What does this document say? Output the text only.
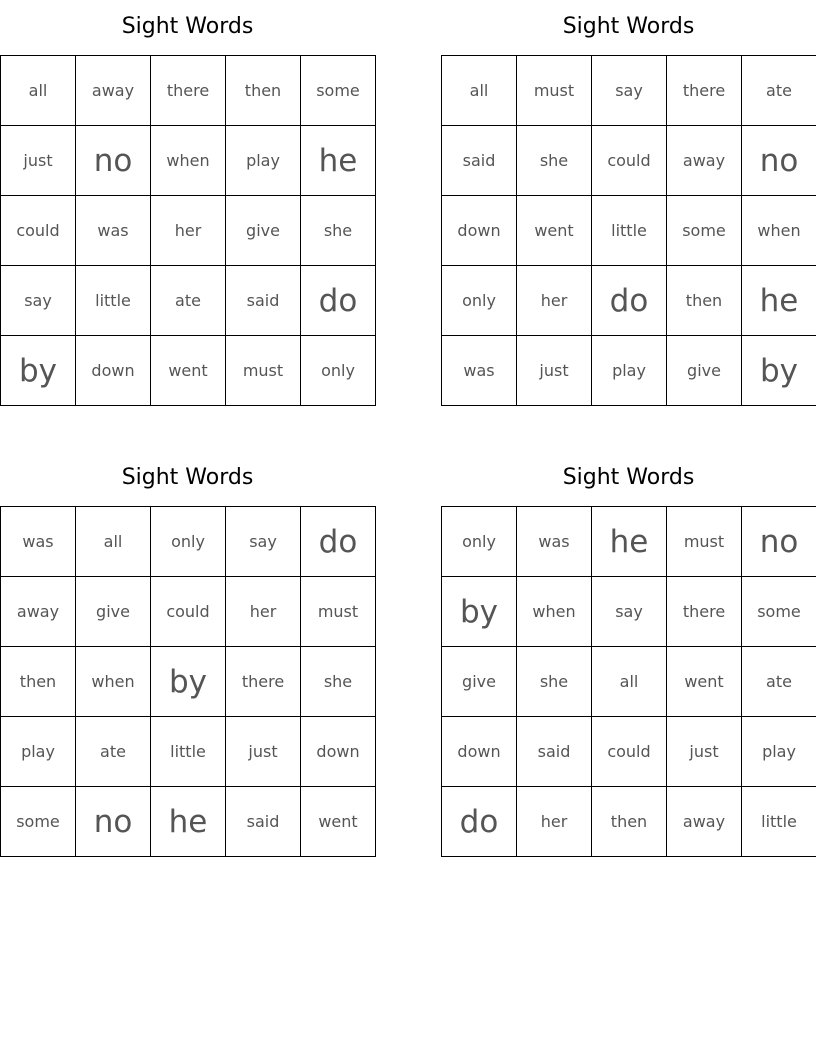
Sight Words
all	away	there	then	some
just	no	when	play	he
could	was	her	give	she
say	little	ate	said	do
by	down	went	must	only
Sight Words
all	must	say	there	ate
said	she	could	away	no
down	went	little	some	when
only	her	do	then	he
was	just	play	give	by
Sight Words
was	all	only	say	do
away	give	could	her	must
then	when	by	there	she
play	ate	little	just	down
some	no	he	said	went
Sight Words
only	was	he	must	no
by	when	say	there	some
give	she	all	went	ate
down	said	could	just	play
do	her	then	away	little
